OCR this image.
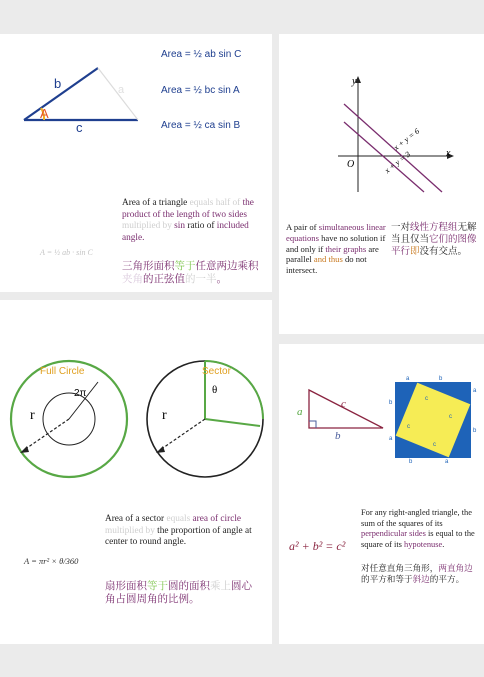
b	a
c
A
Area = ½ ab sin C
Area = ½ bc sin A
Area = ½ ca sin B
Area of a triangle equals half of the product of the length of two sides multiplied by sin ratio of included angle.
A = ½ ab · sin C
三角形面积等于任意两边乘积夹角的正弦值的一半。
y
x
O
x + y = 6
x + y = 3
A pair of simultaneous linear equations have no solution if and only if their graphs are parallel and thus do not intersect.
一对线性方程组无解当且仅当它们的图像平行即没有交点。
Full Circle
2π
r
Sector
θ
r
A = πr² × θ/360
Area of a sector equals area of circle multiplied by the proportion of angle at center to round angle.
扇形面积等于圆的面积乘上圆心角占圆周角的比例。
a
b
c
a	b
a
b
a
b	a
b
c
c
c
c
a² + b² = c²
For any right-angled triangle, the sum of the squares of its perpendicular sides is equal to the square of its hypotenuse.
对任意直角三角形，两直角边的平方和等于斜边的平方。
